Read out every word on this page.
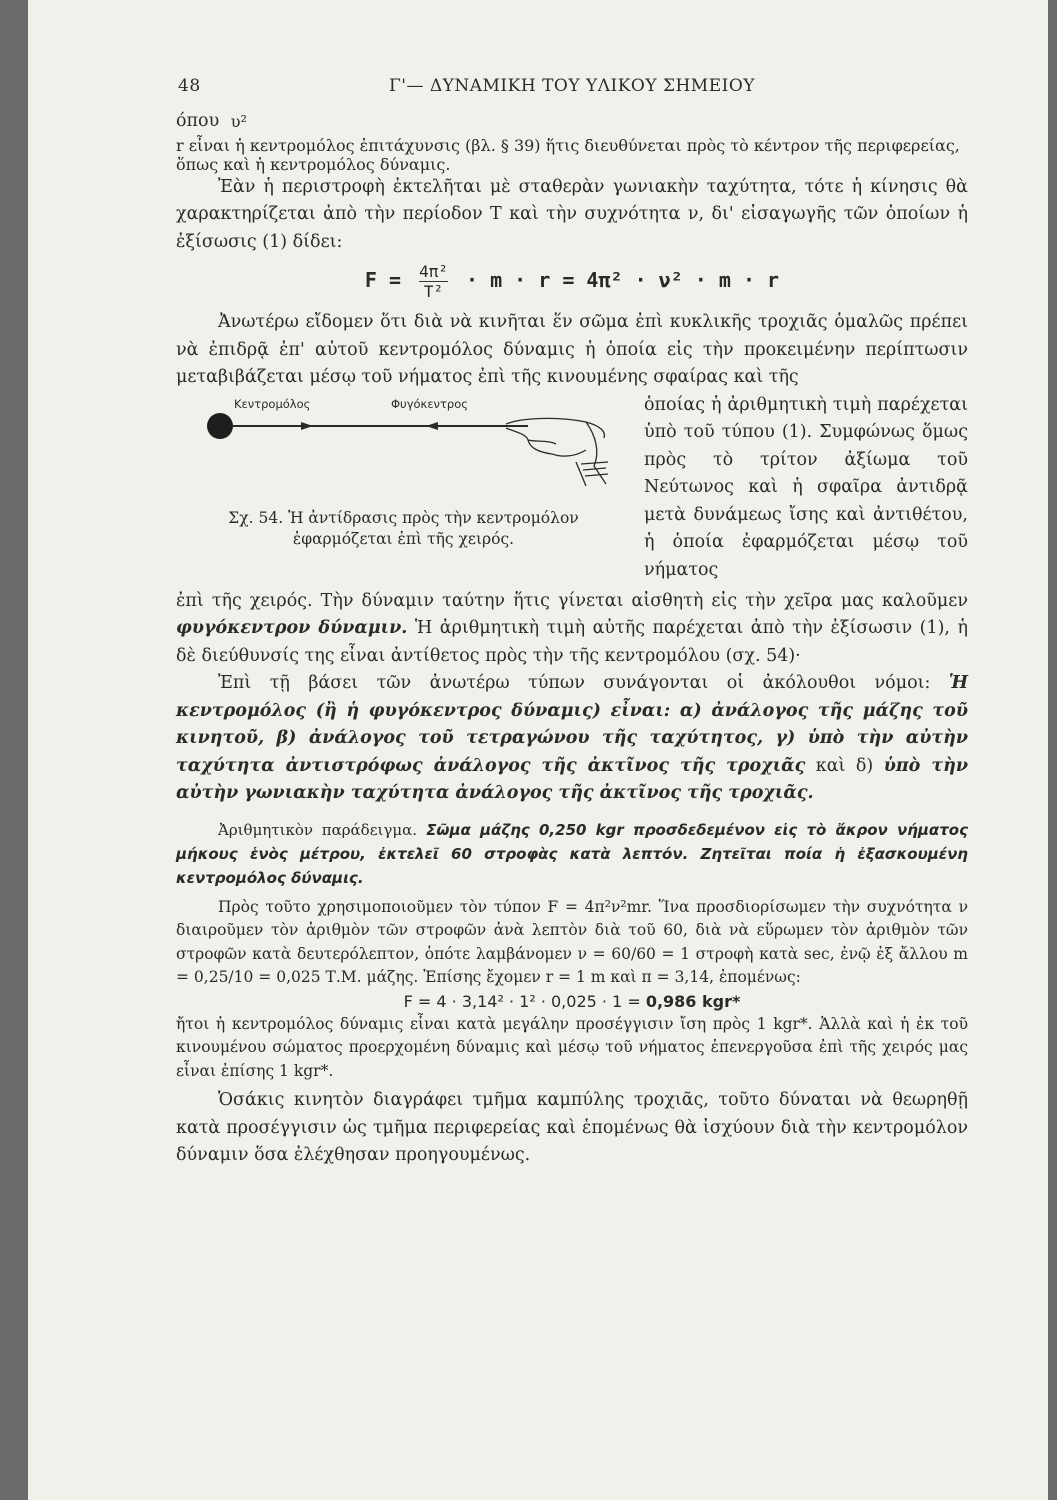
48	Γ'— ΔΥΝΑΜΙΚΗ ΤΟΥ ΥΛΙΚΟΥ ΣΗΜΕΙΟΥ

όπου υ²

r εἶναι ἡ κεντρομόλος ἐπιτάχυνσις (βλ. § 39) ἥτις διευθύνεται πρὸς τὸ κέντρον τῆς περιφερείας, ὅπως καὶ ἡ κεντρομόλος δύναμις.

Ἐὰν ἡ περιστροφὴ ἐκτελῆται μὲ σταθερὰν γωνιακὴν ταχύτητα, τότε ἡ κίνησις θὰ χαρακτηρίζεται ἀπὸ τὴν περίοδον T καὶ τὴν συχνότητα ν, δι' εἰσαγωγῆς τῶν ὁποίων ἡ ἐξίσωσις (1) δίδει:

$F = \frac{\text{4π²}}{\text{T²}} \cdot m \cdot r = 4\pi^2 \cdot \nu^2 \cdot m \cdot r$

Ἀνωτέρω εἴδομεν ὅτι διὰ νὰ κινῆται ἕν σῶμα ἐπὶ κυκλικῆς τροχιᾶς ὁμαλῶς πρέπει νὰ ἐπιδρᾷ ἐπ' αὐτοῦ κεντρομόλος δύναμις ἡ ὁποία εἰς τὴν προκειμένην περίπτωσιν μεταβιβάζεται μέσῳ τοῦ νήματος ἐπὶ τῆς κινουμένης σφαίρας καὶ τῆς

Κεντρομόλος	Φυγόκεντρος
Σχ. 54. Ἡ ἀντίδρασις πρὸς τὴν κεντρομόλον
ἐφαρμόζεται ἐπὶ τῆς χειρός.

ὁποίας ἡ ἀριθμητικὴ τιμὴ παρέχεται ὑπὸ τοῦ τύπου (1). Συμφώνως ὅμως πρὸς τὸ τρίτον ἀξίωμα τοῦ Νεύτωνος καὶ ἡ σφαῖρα ἀντιδρᾷ μετὰ δυνάμεως ἴσης καὶ ἀντιθέτου, ἡ ὁποία ἐφαρμόζεται μέσῳ τοῦ νήματος

ἐπὶ τῆς χειρός. Τὴν δύναμιν ταύτην ἥτις γίνεται αἰσθητὴ εἰς τὴν χεῖρα μας καλοῦμεν φυγόκεντρον δύναμιν. Ἡ ἀριθμητικὴ τιμὴ αὐτῆς παρέχεται ἀπὸ τὴν ἐξίσωσιν (1), ἡ δὲ διεύθυνσίς της εἶναι ἀντίθετος πρὸς τὴν τῆς κεντρομόλου (σχ. 54)·

Ἐπὶ τῇ βάσει τῶν ἀνωτέρω τύπων συνάγονται οἱ ἀκόλουθοι νόμοι: Ἡ κεντρομόλος (ἢ ἡ φυγόκεντρος δύναμις) εἶναι: α) ἀνάλογος τῆς μάζης τοῦ κινητοῦ, β) ἀνάλογος τοῦ τετραγώνου τῆς ταχύτητος, γ) ὑπὸ τὴν αὐτὴν ταχύτητα ἀντιστρόφως ἀνάλογος τῆς ἀκτῖνος τῆς τροχιᾶς καὶ δ) ὑπὸ τὴν αὐτὴν γωνιακὴν ταχύτητα ἀνάλογος τῆς ἀκτῖνος τῆς τροχιᾶς.

Ἀριθμητικὸν παράδειγμα. Σῶμα μάζης 0,250 kgr προσδεδεμένον εἰς τὸ ἄκρον νήματος μήκους ἑνὸς μέτρου, ἐκτελεῖ 60 στροφὰς κατὰ λεπτόν. Ζητεῖται ποία ἡ ἐξασκουμένη κεντρομόλος δύναμις.

Πρὸς τοῦτο χρησιμοποιοῦμεν τὸν τύπον F = 4π²ν²mr. Ἵνα προσδιορίσωμεν τὴν συχνότητα ν διαιροῦμεν τὸν ἀριθμὸν τῶν στροφῶν ἀνὰ λεπτὸν διὰ τοῦ 60, διὰ νὰ εὕρωμεν τὸν ἀριθμὸν τῶν στροφῶν κατὰ δευτερόλεπτον, ὁπότε λαμβάνομεν ν = 60/60 = 1 στροφὴ κατὰ sec, ἐνῷ ἐξ ἄλλου m = 0,25/10 = 0,025 Τ.Μ. μάζης. Ἐπίσης ἔχομεν r = 1 m καὶ π = 3,14, ἑπομένως:

F = 4 · 3,14² · 1² · 0,025 · 1 = 0,986 kgr*

ἤτοι ἡ κεντρομόλος δύναμις εἶναι κατὰ μεγάλην προσέγγισιν ἴση πρὸς 1 kgr*. Ἀλλὰ καὶ ἡ ἐκ τοῦ κινουμένου σώματος προερχομένη δύναμις καὶ μέσῳ τοῦ νήματος ἐπενεργοῦσα ἐπὶ τῆς χειρός μας εἶναι ἐπίσης 1 kgr*.

Ὁσάκις κινητὸν διαγράφει τμῆμα καμπύλης τροχιᾶς, τοῦτο δύναται νὰ θεωρηθῇ κατὰ προσέγγισιν ὡς τμῆμα περιφερείας καὶ ἑπομένως θὰ ἰσχύουν διὰ τὴν κεντρομόλον δύναμιν ὅσα ἐλέχθησαν προηγουμένως.
